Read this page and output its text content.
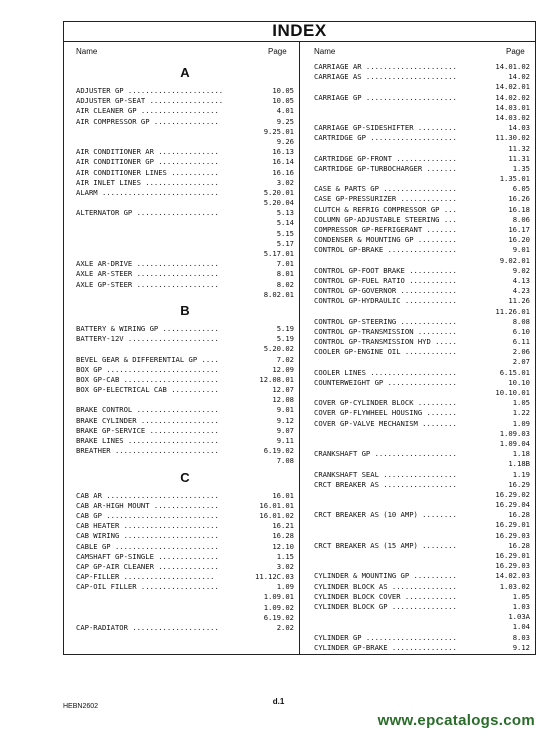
INDEX
Name	Page	Name	Page
A
ADJUSTER GP ......................	10.05
ADJUSTER GP-SEAT .................	10.05
AIR CLEANER GP ..................	4.01
AIR COMPRESSOR GP ...............	9.25
9.25.01
9.26
AIR CONDITIONER AR ..............	16.13
AIR CONDITIONER GP ..............	16.14
AIR CONDITIONER LINES ...........	16.16
AIR INLET LINES .................	3.02
ALARM ...........................	5.20.01
5.20.04
ALTERNATOR GP ...................	5.13
5.14
5.15
5.17
5.17.01
AXLE AR-DRIVE ...................	7.01
AXLE AR-STEER ...................	8.01
AXLE GP-STEER ...................	8.02
8.02.01
B
BATTERY & WIRING GP .............	5.19
BATTERY-12V .....................	5.19
5.20.02
BEVEL GEAR & DIFFERENTIAL GP ....	7.02
BOX GP ..........................	12.09
BOX GP-CAB ......................	12.08.01
BOX GP-ELECTRICAL CAB ...........	12.07
12.08
BRAKE CONTROL ...................	9.01
BRAKE CYLINDER ..................	9.12
BRAKE GP-SERVICE ................	9.07
BRAKE LINES .....................	9.11
BREATHER ........................	6.19.02
7.08
C
CAB AR ..........................	16.01
CAB AR-HIGH MOUNT ...............	16.01.01
CAB GP ..........................	16.01.02
CAB HEATER ......................	16.21
CAB WIRING ......................	16.28
CABLE GP ........................	12.10
CAMSHAFT GP-SINGLE ..............	1.15
CAP GP-AIR CLEANER ..............	3.02
CAP-FILLER .....................	11.12C.03
CAP-OIL FILLER ..................	1.09
1.09.01
1.09.02
6.19.02
CAP-RADIATOR ....................	2.02
CARRIAGE AR .....................	14.01.02
CARRIAGE AS .....................	14.02
14.02.01
CARRIAGE GP .....................	14.02.02
14.03.01
14.03.02
CARRIAGE GP-SIDESHIFTER .........	14.03
CARTRIDGE GP ....................	11.30.02
11.32
CARTRIDGE GP-FRONT ..............	11.31
CARTRIDGE GP-TURBOCHARGER .......	1.35
1.35.01
CASE & PARTS GP .................	6.05
CASE GP-PRESSURIZER .............	16.26
CLUTCH & REFRIG COMPRESSOR GP ...	16.18
COLUMN GP-ADJUSTABLE STEERING ...	8.06
COMPRESSOR GP-REFRIGERANT .......	16.17
CONDENSER & MOUNTING GP .........	16.20
CONTROL GP-BRAKE ................	9.01
9.02.01
CONTROL GP-FOOT BRAKE ...........	9.02
CONTROL GP-FUEL RATIO ...........	4.13
CONTROL GP-GOVERNOR .............	4.23
CONTROL GP-HYDRAULIC ............	11.26
11.26.01
CONTROL GP-STEERING .............	8.08
CONTROL GP-TRANSMISSION .........	6.10
CONTROL GP-TRANSMISSION HYD .....	6.11
COOLER GP-ENGINE OIL ............	2.06
2.07
COOLER LINES ....................	6.15.01
COUNTERWEIGHT GP ................	10.10
10.10.01
COVER GP-CYLINDER BLOCK .........	1.05
COVER GP-FLYWHEEL HOUSING .......	1.22
COVER GP-VALVE MECHANISM ........	1.09
1.09.03
1.09.04
CRANKSHAFT GP ...................	1.18
1.18B
CRANKSHAFT SEAL .................	1.19
CRCT BREAKER AS .................	16.29
16.29.02
16.29.04
CRCT BREAKER AS (10 AMP) ........	16.28
16.29.01
16.29.03
CRCT BREAKER AS (15 AMP) ........	16.28
16.29.01
16.29.03
CYLINDER & MOUNTING GP ..........	14.02.03
CYLINDER BLOCK AS ...............	1.03.02
CYLINDER BLOCK COVER ............	1.05
CYLINDER BLOCK GP ...............	1.03
1.03A
1.04
CYLINDER GP .....................	8.03
CYLINDER GP-BRAKE ...............	9.12
d.1
HEBN2602
www.epcatalogs.com
